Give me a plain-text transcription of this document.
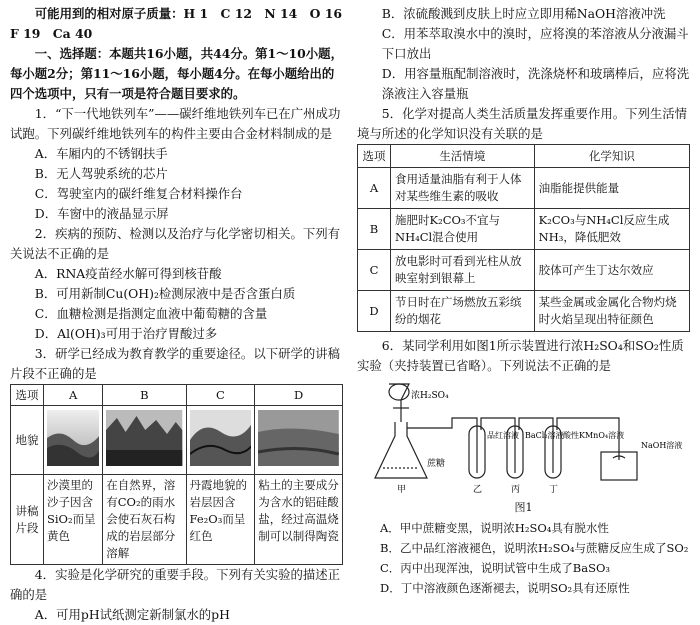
可能用到的相对原子质量：H 1　C 12　N 14　O 16　F 19　Ca 40

一、选择题：本题共16小题，共44分。第1～10小题，每小题2分；第11～16小题，每小题4分。在每小题给出的四个选项中，只有一项是符合题目要求的。

1．“下一代地铁列车”——碳纤维地铁列车已在广州成功试跑。下列碳纤维地铁列车的构件主要由合金材料制成的是

A．车厢内的不锈钢扶手

B．无人驾驶系统的芯片

C．驾驶室内的碳纤维复合材料操作台

D．车窗中的液晶显示屏

2．疾病的预防、检测以及治疗与化学密切相关。下列有关说法不正确的是

A．RNA疫苗经水解可得到核苷酸

B．可用新制Cu(OH)₂检测尿液中是否含蛋白质

C．血糖检测是指测定血液中葡萄糖的含量

D．Al(OH)₃可用于治疗胃酸过多

3．研学已经成为教育教学的重要途径。以下研学的讲稿片段不正确的是

选项	A	B	C	D
地貌				
讲稿片段	沙漠里的沙子因含SiO₂而呈黄色	在自然界，溶有CO₂的雨水会使石灰石构成的岩层部分溶解	丹霞地貌的岩层因含Fe₂O₃而呈红色	粘土的主要成分为含水的铝硅酸盐，经过高温烧制可以制得陶瓷

4．实验是化学研究的重要手段。下列有关实验的描述正确的是

A．可用pH试纸测定新制氯水的pH

B．浓硫酸溅到皮肤上时应立即用稀NaOH溶液冲洗

C．用苯萃取溴水中的溴时，应将溴的苯溶液从分液漏斗下口放出

D．用容量瓶配制溶液时，洗涤烧杯和玻璃棒后，应将洗涤液注入容量瓶

5．化学对提高人类生活质量发挥重要作用。下列生活情境与所述的化学知识没有关联的是

选项	生活情境	化学知识
A	食用适量油脂有利于人体对某些维生素的吸收	油脂能提供能量
B	施肥时K₂CO₃不宜与NH₄Cl混合使用	K₂CO₃与NH₄Cl反应生成NH₃，降低肥效
C	放电影时可看到光柱从放映室射到银幕上	胶体可产生丁达尔效应
D	节日时在广场燃放五彩缤纷的烟花	某些金属或金属化合物灼烧时火焰呈现出特征颜色

6．某同学利用如图1所示装置进行浓H₂SO₄和SO₂性质实验（夹持装置已省略）。下列说法不正确的是

浓H₂SO₄
蔗糖
品红溶液 BaCl₂溶液 酸性KMnO₄溶液
NaOH溶液
甲	乙	丙	丁

图1

A．甲中蔗糖变黑，说明浓H₂SO₄具有脱水性

B．乙中品红溶液褪色，说明浓H₂SO₄与蔗糖反应生成了SO₂

C．丙中出现浑浊，说明试管中生成了BaSO₃

D．丁中溶液颜色逐渐褪去，说明SO₂具有还原性
